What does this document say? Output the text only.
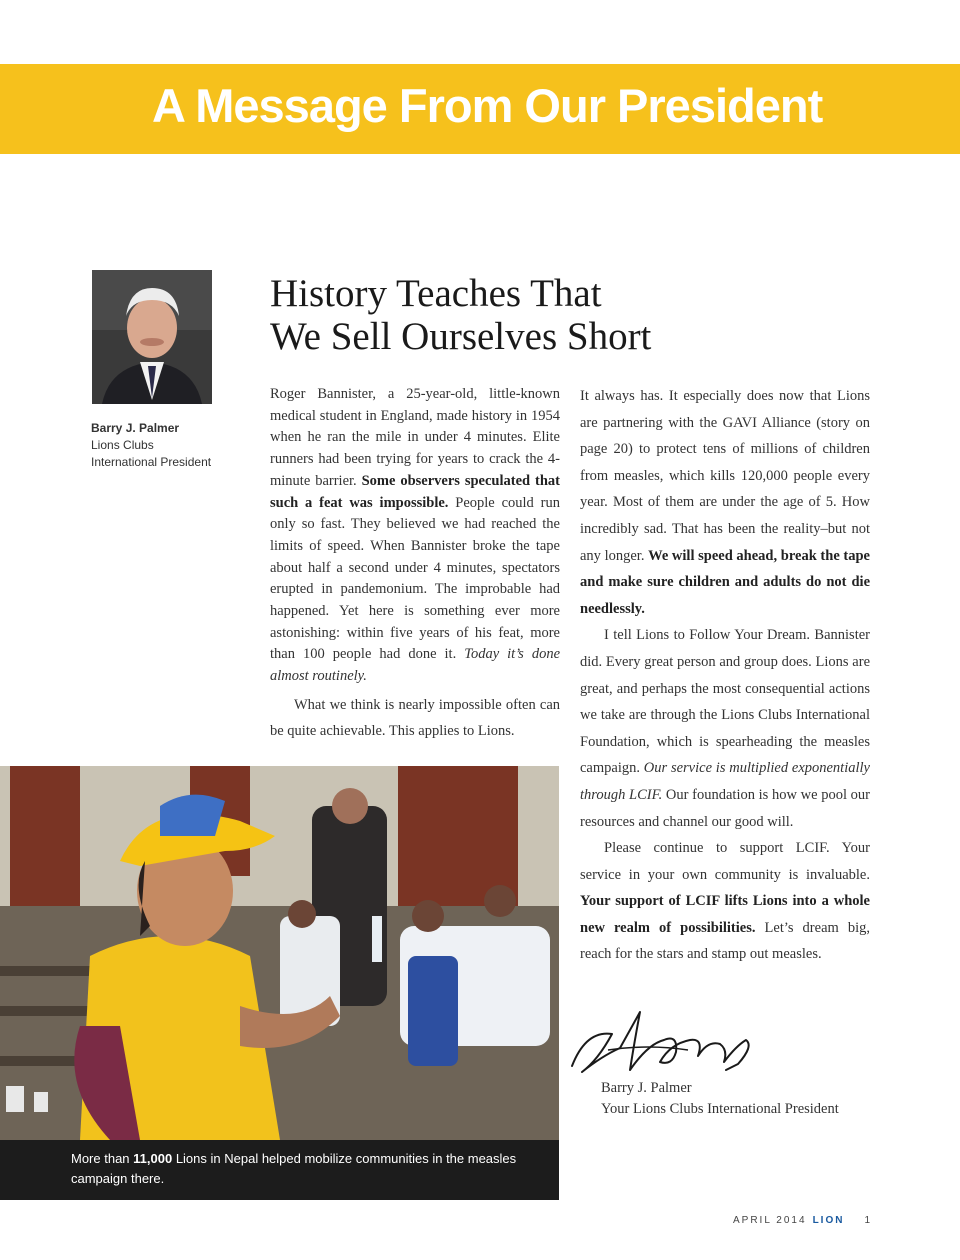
A Message From Our President
Barry J. Palmer
Lions Clubs
International President
History Teaches That
We Sell Ourselves Short

Roger Bannister, a 25-year-old, little-known medical student in England, made history in 1954 when he ran the mile in under 4 minutes. Elite runners had been trying for years to crack the 4-minute barrier. Some observers speculated that such a feat was impossible. People could run only so fast. They believed we had reached the limits of speed. When Bannister broke the tape about half a second under 4 minutes, spectators erupted in pandemonium. The improbable had happened. Yet here is something ever more astonishing: within five years of his feat, more than 100 people had done it. Today it’s done almost routinely.

What we think is nearly impossible often can be quite achievable. This applies to Lions.

It always has. It especially does now that Lions are partnering with the GAVI Alliance (story on page 20) to protect tens of millions of children from measles, which kills 120,000 people every year. Most of them are under the age of 5. How incredibly sad. That has been the reality–but not any longer. We will speed ahead, break the tape and make sure children and adults do not die needlessly.

I tell Lions to Follow Your Dream. Bannister did. Every great person and group does. Lions are great, and perhaps the most consequential actions we take are through the Lions Clubs International Foundation, which is spearheading the measles campaign. Our service is multiplied exponentially through LCIF. Our foundation is how we pool our resources and channel our good will.

Please continue to support LCIF. Your service in your own community is invaluable. Your support of LCIF lifts Lions into a whole new realm of possibilities. Let’s dream big, reach for the stars and stamp out measles.

More than 11,000 Lions in Nepal helped mobilize communities in the measles campaign there.
Barry J. Palmer
Your Lions Clubs International President
APRIL 2014 LION 1
